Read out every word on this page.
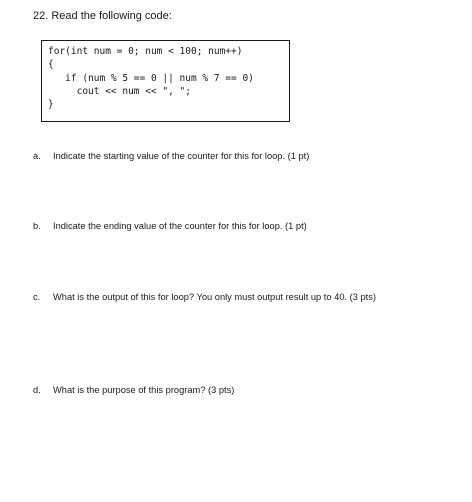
22. Read the following code:
for(int num = 0; num < 100; num++)
{
if (num % 5 == 0 || num % 7 == 0)
cout << num << ", ";
}
a. Indicate the starting value of the counter for this for loop. (1 pt)
b. Indicate the ending value of the counter for this for loop. (1 pt)
c. What is the output of this for loop? You only must output result up to 40. (3 pts)
d. What is the purpose of this program? (3 pts)
